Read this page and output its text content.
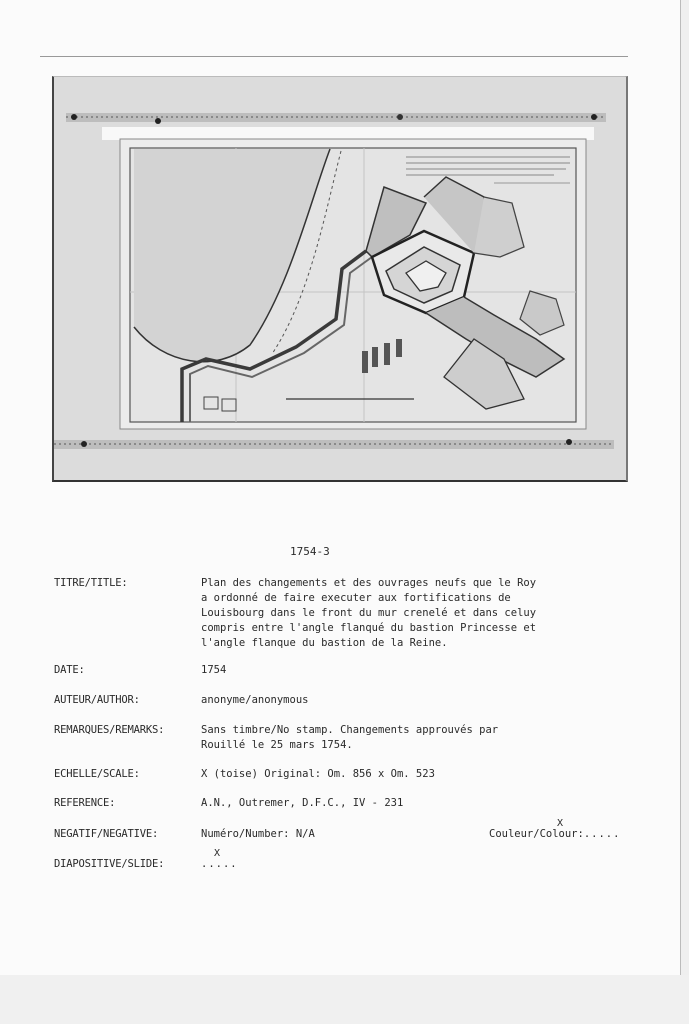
1754-3
TITRE/TITLE:	Plan des changements et des ouvrages neufs que le Roy
a ordonné de faire executer aux fortifications de
Louisbourg dans le front du mur crenelé et dans celuy
compris entre l'angle flanqué du bastion Princesse et
l'angle flanque du bastion de la Reine.
DATE:	1754
AUTEUR/AUTHOR:	anonyme/anonymous
REMARQUES/REMARKS:	Sans timbre/No stamp. Changements approuvés par
Rouillé le 25 mars 1754.
ECHELLE/SCALE:	X (toise) Original: Om. 856 x Om. 523
REFERENCE:	A.N., Outremer, D.F.C., IV - 231
NEGATIF/NEGATIVE:	Numéro/Number: N/A	Couleur/Colour:.....
X
DIAPOSITIVE/SLIDE:	.....
X
